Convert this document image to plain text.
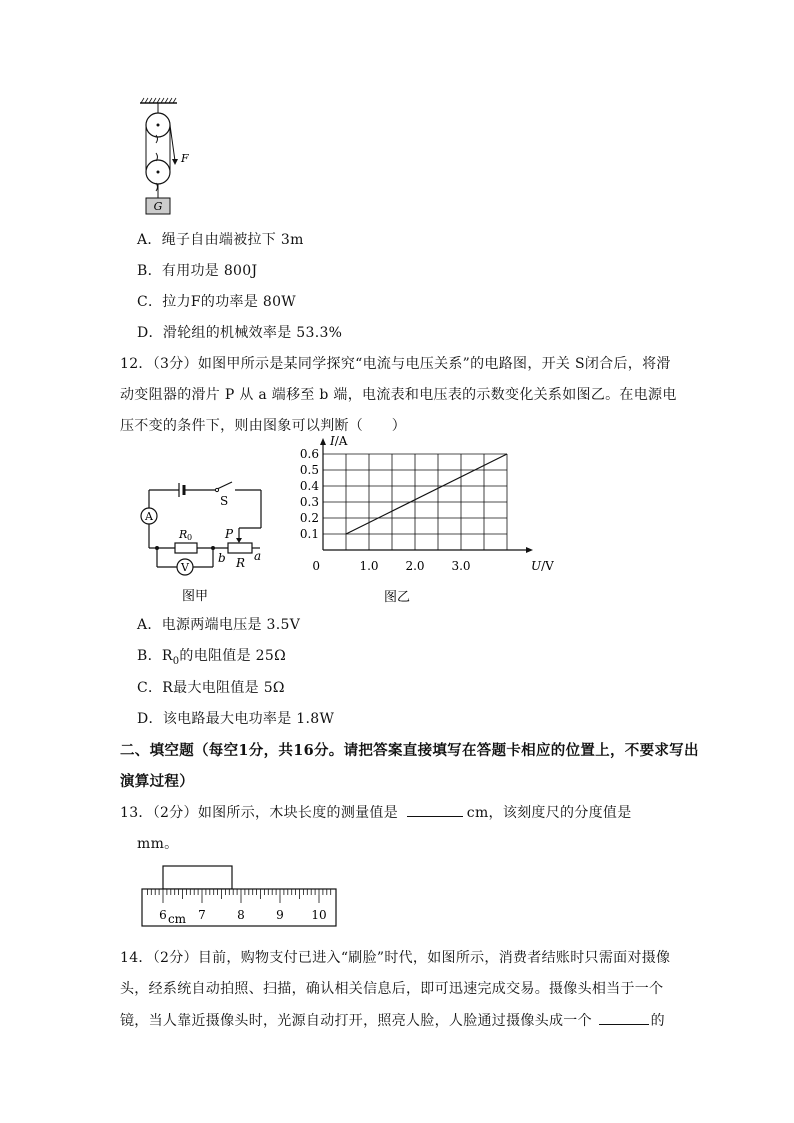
G
F
A．绳子自由端被拉下 3m
B．有用功是 800J
C．拉力F的功率是 80W
D．滑轮组的机械效率是 53.3%
12．（3分）如图甲所示是某同学探究“电流与电压关系”的电路图，开关 S闭合后，将滑
动变阻器的滑片 P 从 a 端移至 b 端，电流表和电压表的示数变化关系如图乙。在电源电
压不变的条件下，则由图象可以判断（　　）
A
V
S
R 0	P
b R a
图甲
0.1
0.2
0.3
0.4
0.5
0.6
1.0 2.0 3.0
I/A
U/V
0
图乙
A．电源两端电压是 3.5V
B．$R_0$的电阻值是 25Ω
C．R最大电阻值是 5Ω
D．该电路最大电功率是 1.8W
二、填空题（每空1分，共16分。请把答案直接填写在答题卡相应的位置上，不要求写出
演算过程）
13．（2分）如图所示，木块长度的测量值是	cm，该刻度尺的分度值是
mm。
6	7	8	9 10
cm
14．（2分）目前，购物支付已进入“刷脸”时代，如图所示，消费者结账时只需面对摄像
头，经系统自动拍照、扫描，确认相关信息后，即可迅速完成交易。摄像头相当于一个
镜，当人靠近摄像头时，光源自动打开，照亮人脸，人脸通过摄像头成一个	的
